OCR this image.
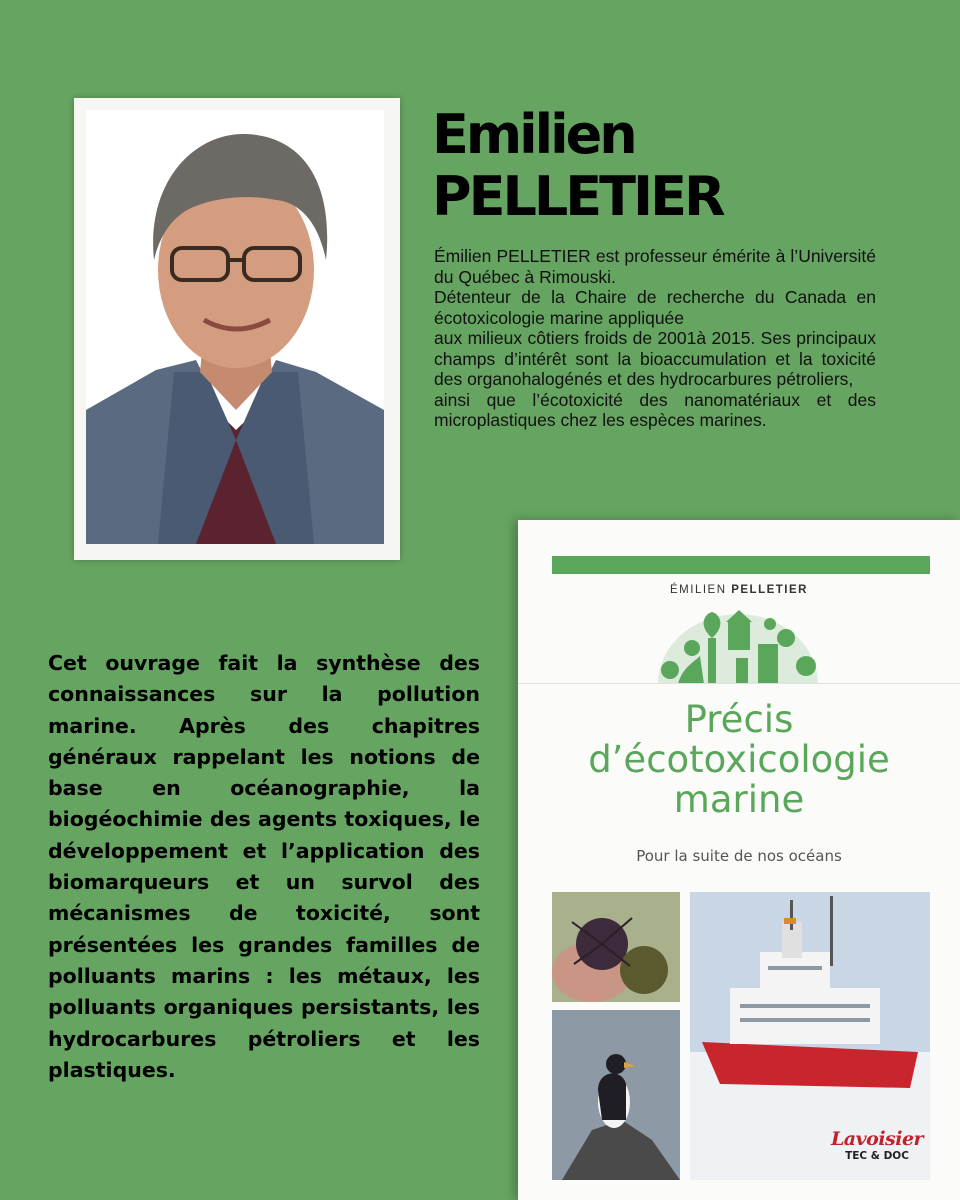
Emilien
PELLETIER
Émilien PELLETIER est professeur émérite à l’Université du Québec à Rimouski.
Détenteur de la Chaire de recherche du Canada en écotoxicologie marine appliquée
aux milieux côtiers froids de 2001à 2015. Ses principaux champs d’intérêt sont la bioaccumulation et la toxicité des organohalogénés et des hydrocarbures pétroliers,
ainsi que l’écotoxicité des nanomatériaux et des microplastiques chez les espèces marines.

Cet ouvrage fait la synthèse des connaissances sur la pollution marine. Après des chapitres généraux rappelant les notions de base en océanographie, la biogéochimie des agents toxiques, le développement et l’application des biomarqueurs et un survol des mécanismes de toxicité, sont présentées les grandes familles de polluants marins : les métaux, les polluants organiques persistants, les hydrocarbures pétroliers et les plastiques.

ÉMILIEN PELLETIER
Précis
d’écotoxicologie
marine
Pour la suite de nos océans
Lavoisier
TEC & DOC
